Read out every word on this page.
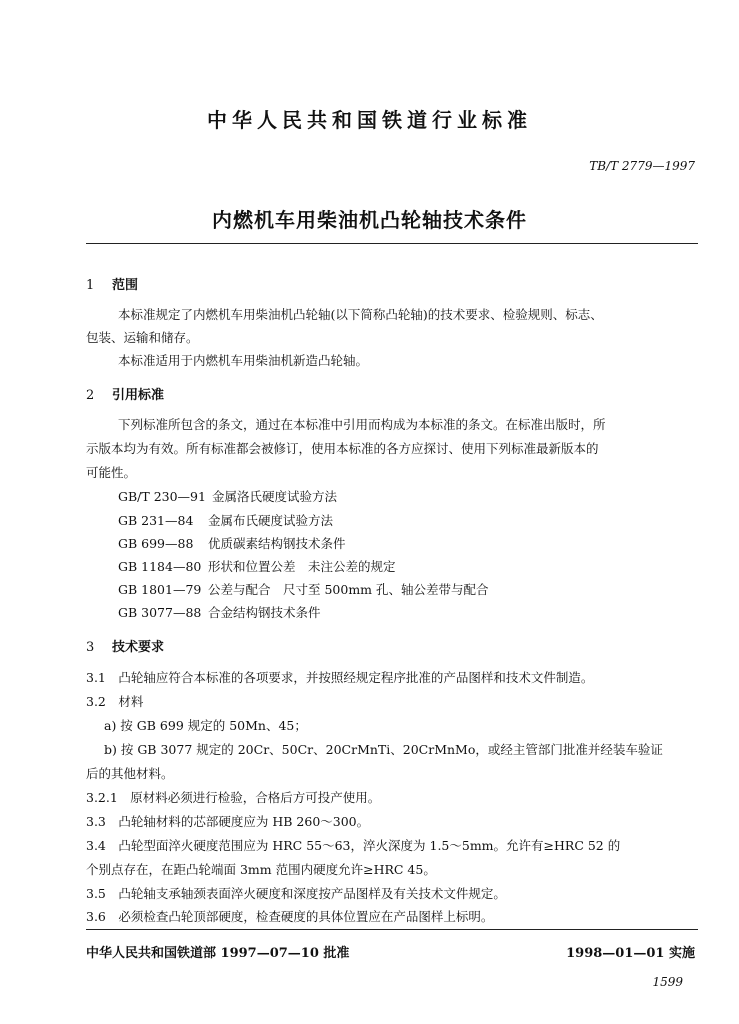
中华人民共和国铁道行业标准
TB/T 2779—1997
内燃机车用柴油机凸轮轴技术条件
1 范围
本标准规定了内燃机车用柴油机凸轮轴(以下简称凸轮轴)的技术要求、检验规则、标志、
包装、运输和储存。
本标准适用于内燃机车用柴油机新造凸轮轴。
2 引用标准
下列标准所包含的条文，通过在本标准中引用而构成为本标准的条文。在标准出版时，所
示版本均为有效。所有标准都会被修订，使用本标准的各方应探讨、使用下列标准最新版本的
可能性。
GB/T 230—91 金属洛氏硬度试验方法
GB 231—84 金属布氏硬度试验方法
GB 699—88 优质碳素结构钢技术条件
GB 1184—80 形状和位置公差　未注公差的规定
GB 1801—79 公差与配合　尺寸至 500mm 孔、轴公差带与配合
GB 3077—88 合金结构钢技术条件
3 技术要求
3.1　凸轮轴应符合本标准的各项要求，并按照经规定程序批准的产品图样和技术文件制造。
3.2　材料
a) 按 GB 699 规定的 50Mn、45；
b) 按 GB 3077 规定的 20Cr、50Cr、20CrMnTi、20CrMnMo，或经主管部门批准并经装车验证
后的其他材料。
3.2.1　原材料必须进行检验，合格后方可投产使用。
3.3　凸轮轴材料的芯部硬度应为 HB 260～300。
3.4　凸轮型面淬火硬度范围应为 HRC 55～63，淬火深度为 1.5～5mm。允许有≥HRC 52 的
个别点存在，在距凸轮端面 3mm 范围内硬度允许≥HRC 45。
3.5　凸轮轴支承轴颈表面淬火硬度和深度按产品图样及有关技术文件规定。
3.6　必须检查凸轮顶部硬度，检查硬度的具体位置应在产品图样上标明。
中华人民共和国铁道部 1997—07—10 批准	1998—01—01 实施
1599
